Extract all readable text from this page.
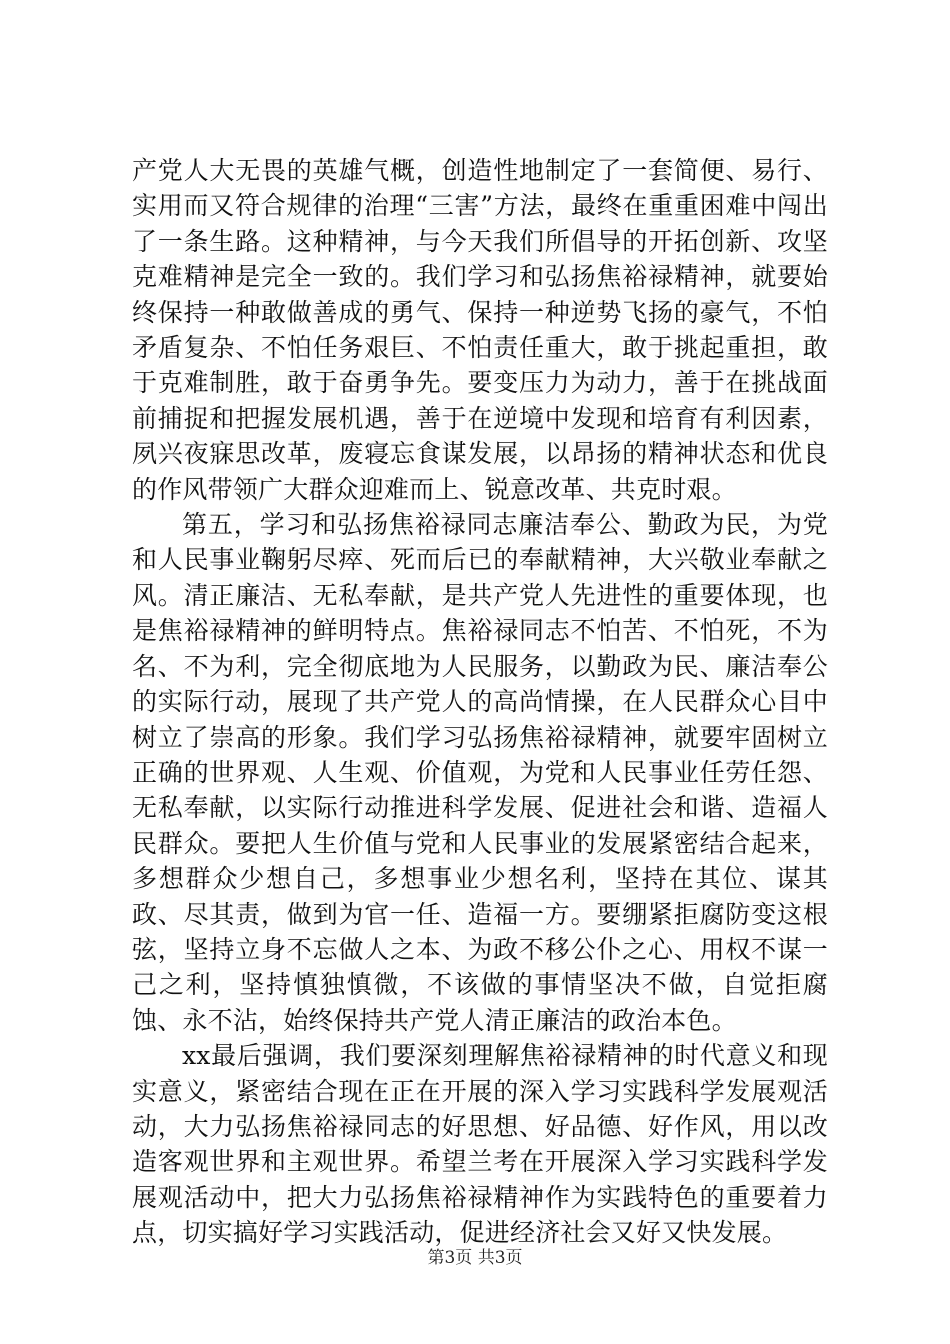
产党人大无畏的英雄气概，创造性地制定了一套简便、易行、实用而又符合规律的治理“三害”方法，最终在重重困难中闯出了一条生路。这种精神，与今天我们所倡导的开拓创新、攻坚克难精神是完全一致的。我们学习和弘扬焦裕禄精神，就要始终保持一种敢做善成的勇气、保持一种逆势飞扬的豪气，不怕矛盾复杂、不怕任务艰巨、不怕责任重大，敢于挑起重担，敢于克难制胜，敢于奋勇争先。要变压力为动力，善于在挑战面前捕捉和把握发展机遇，善于在逆境中发现和培育有利因素，夙兴夜寐思改革，废寝忘食谋发展，以昂扬的精神状态和优良的作风带领广大群众迎难而上、锐意改革、共克时艰。

第五，学习和弘扬焦裕禄同志廉洁奉公、勤政为民，为党和人民事业鞠躬尽瘁、死而后已的奉献精神，大兴敬业奉献之风。清正廉洁、无私奉献，是共产党人先进性的重要体现，也是焦裕禄精神的鲜明特点。焦裕禄同志不怕苦、不怕死，不为名、不为利，完全彻底地为人民服务，以勤政为民、廉洁奉公的实际行动，展现了共产党人的高尚情操，在人民群众心目中树立了崇高的形象。我们学习弘扬焦裕禄精神，就要牢固树立正确的世界观、人生观、价值观，为党和人民事业任劳任怨、无私奉献，以实际行动推进科学发展、促进社会和谐、造福人民群众。要把人生价值与党和人民事业的发展紧密结合起来，多想群众少想自己，多想事业少想名利，坚持在其位、谋其政、尽其责，做到为官一任、造福一方。要绷紧拒腐防变这根弦，坚持立身不忘做人之本、为政不移公仆之心、用权不谋一己之利，坚持慎独慎微，不该做的事情坚决不做，自觉拒腐蚀、永不沾，始终保持共产党人清正廉洁的政治本色。

xx最后强调，我们要深刻理解焦裕禄精神的时代意义和现实意义，紧密结合现在正在开展的深入学习实践科学发展观活动，大力弘扬焦裕禄同志的好思想、好品德、好作风，用以改造客观世界和主观世界。希望兰考在开展深入学习实践科学发展观活动中，把大力弘扬焦裕禄精神作为实践特色的重要着力点，切实搞好学习实践活动，促进经济社会又好又快发展。

第3页 共3页
